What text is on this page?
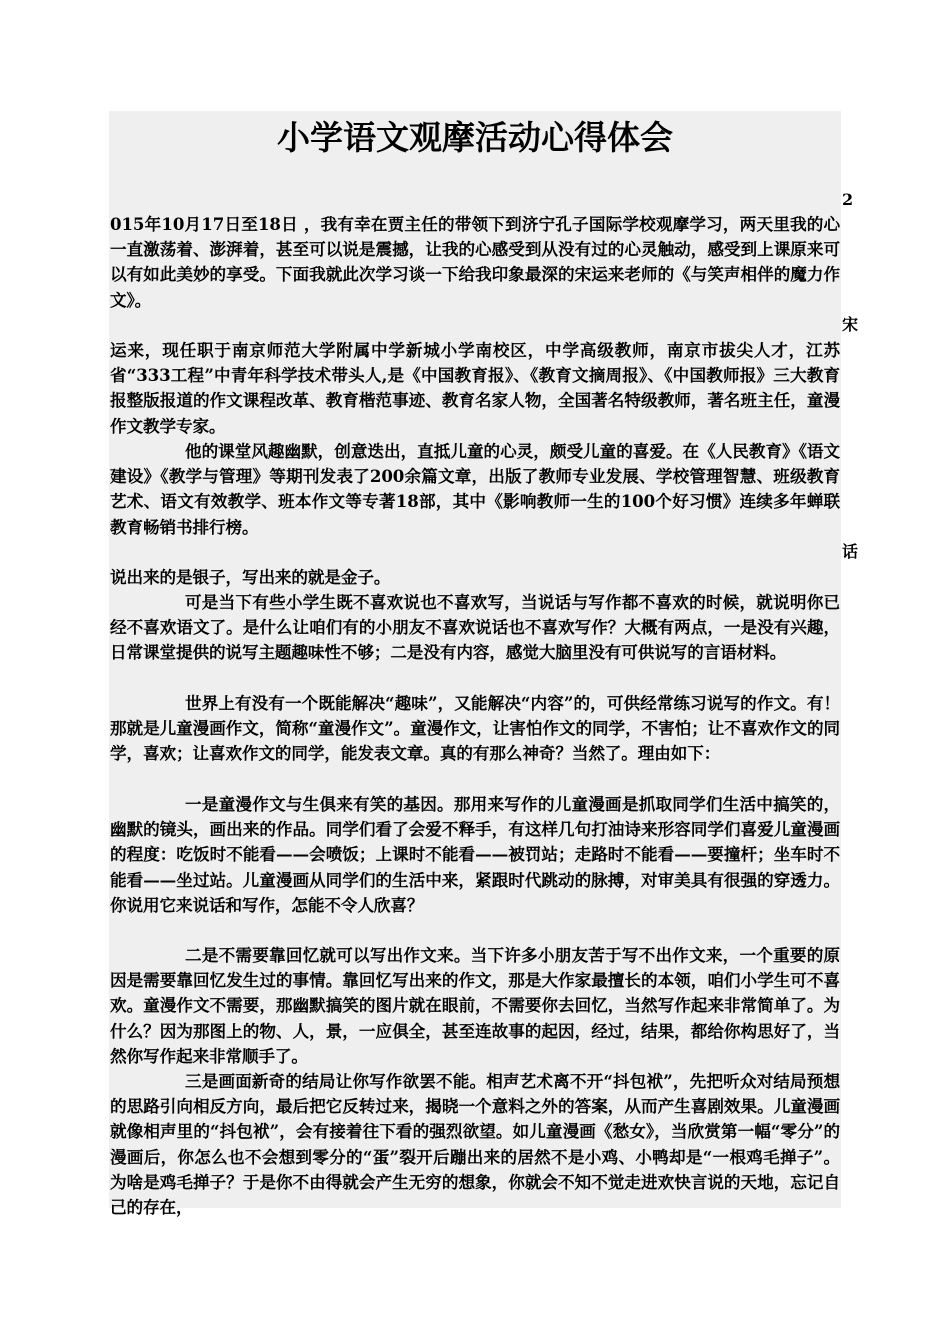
小学语文观摩活动心得体会
2

015年10月17日至18日 ，我有幸在贾主任的带领下到济宁孔子国际学校观摩学习，两天里我的心一直激荡着、澎湃着，甚至可以说是震撼，让我的心感受到从没有过的心灵触动，感受到上课原来可以有如此美妙的享受。下面我就此次学习谈一下给我印象最深的宋运来老师的《与笑声相伴的魔力作文》。

宋

运来，现任职于南京师范大学附属中学新城小学南校区，中学高级教师，南京市拔尖人才，江苏省“333工程”中青年科学技术带头人,是《中国教育报》、《教育文摘周报》、《中国教师报》三大教育报整版报道的作文课程改革、教育楷范事迹、教育名家人物，全国著名特级教师，著名班主任，童漫作文教学专家。

他的课堂风趣幽默，创意迭出，直抵儿童的心灵，颇受儿童的喜爱。在《人民教育》《语文建设》《教学与管理》等期刊发表了200余篇文章，出版了教师专业发展、学校管理智慧、班级教育艺术、语文有效教学、班本作文等专著18部，其中《影响教师一生的100个好习惯》连续多年蝉联教育畅销书排行榜。

话

说出来的是银子，写出来的就是金子。

可是当下有些小学生既不喜欢说也不喜欢写，当说话与写作都不喜欢的时候，就说明你已经不喜欢语文了。是什么让咱们有的小朋友不喜欢说话也不喜欢写作？大概有两点，一是没有兴趣，日常课堂提供的说写主题趣味性不够；二是没有内容，感觉大脑里没有可供说写的言语材料。

世界上有没有一个既能解决“趣味”，又能解决“内容”的，可供经常练习说写的作文。有！那就是儿童漫画作文，简称“童漫作文”。童漫作文，让害怕作文的同学，不害怕；让不喜欢作文的同学，喜欢；让喜欢作文的同学，能发表文章。真的有那么神奇？当然了。理由如下：

一是童漫作文与生俱来有笑的基因。那用来写作的儿童漫画是抓取同学们生活中搞笑的，幽默的镜头，画出来的作品。同学们看了会爱不释手，有这样几句打油诗来形容同学们喜爱儿童漫画的程度：吃饭时不能看——会喷饭；上课时不能看——被罚站；走路时不能看——要撞杆；坐车时不能看——坐过站。儿童漫画从同学们的生活中来，紧跟时代跳动的脉搏，对审美具有很强的穿透力。你说用它来说话和写作，怎能不令人欣喜？

二是不需要靠回忆就可以写出作文来。当下许多小朋友苦于写不出作文来，一个重要的原因是需要靠回忆发生过的事情。靠回忆写出来的作文，那是大作家最擅长的本领，咱们小学生可不喜欢。童漫作文不需要，那幽默搞笑的图片就在眼前，不需要你去回忆，当然写作起来非常简单了。为什么？因为那图上的物、人，景，一应俱全，甚至连故事的起因，经过，结果，都给你构思好了，当然你写作起来非常顺手了。

三是画面新奇的结局让你写作欲罢不能。相声艺术离不开“抖包袱”，先把听众对结局预想的思路引向相反方向，最后把它反转过来，揭晓一个意料之外的答案，从而产生喜剧效果。儿童漫画就像相声里的“抖包袱”，会有接着往下看的强烈欲望。如儿童漫画《愁女》，当欣赏第一幅“零分”的漫画后，你怎么也不会想到零分的“蛋”裂开后蹦出来的居然不是小鸡、小鸭却是“一根鸡毛掸子”。为啥是鸡毛掸子？于是你不由得就会产生无穷的想象，你就会不知不觉走进欢快言说的天地，忘记自己的存在，
